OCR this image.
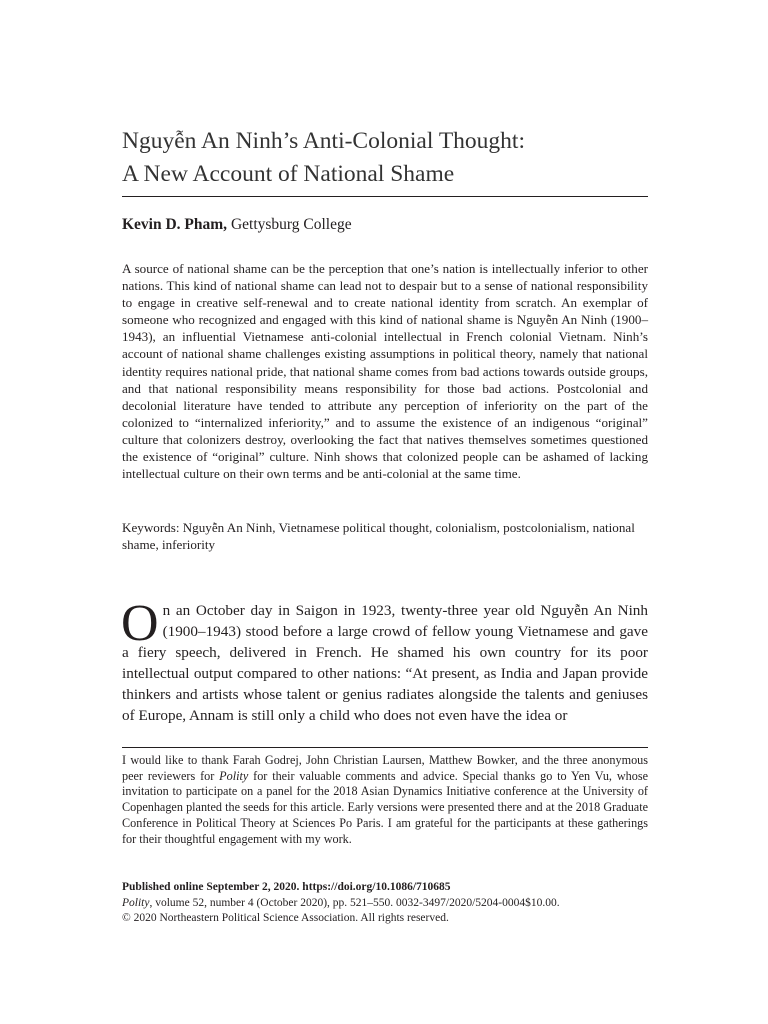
Nguyễn An Ninh’s Anti-Colonial Thought:
A New Account of National Shame
Kevin D. Pham, Gettysburg College
A source of national shame can be the perception that one’s nation is intellectually inferior to other nations. This kind of national shame can lead not to despair but to a sense of national responsibility to engage in creative self-renewal and to create national identity from scratch. An exemplar of someone who recognized and engaged with this kind of national shame is Nguyễn An Ninh (1900–1943), an influential Vietnamese anti-colonial intellectual in French colonial Vietnam. Ninh’s account of national shame challenges existing assumptions in political theory, namely that national identity requires national pride, that national shame comes from bad actions towards outside groups, and that national responsibility means responsibility for those bad actions. Postcolonial and decolonial literature have tended to attribute any perception of inferiority on the part of the colonized to “internalized inferiority,” and to assume the existence of an indigenous “original” culture that colonizers destroy, overlooking the fact that natives themselves sometimes questioned the existence of “original” culture. Ninh shows that colonized people can be ashamed of lacking intellectual culture on their own terms and be anti-colonial at the same time.
Keywords: Nguyễn An Ninh, Vietnamese political thought, colonialism, postcolonialism, national shame, inferiority
On an October day in Saigon in 1923, twenty-three year old Nguyễn An Ninh (1900–1943) stood before a large crowd of fellow young Vietnamese and gave a fiery speech, delivered in French. He shamed his own country for its poor intellectual output compared to other nations: “At present, as India and Japan provide thinkers and artists whose talent or genius radiates alongside the talents and geniuses of Europe, Annam is still only a child who does not even have the idea or
I would like to thank Farah Godrej, John Christian Laursen, Matthew Bowker, and the three anonymous peer reviewers for Polity for their valuable comments and advice. Special thanks go to Yen Vu, whose invitation to participate on a panel for the 2018 Asian Dynamics Initiative conference at the University of Copenhagen planted the seeds for this article. Early versions were presented there and at the 2018 Graduate Conference in Political Theory at Sciences Po Paris. I am grateful for the participants at these gatherings for their thoughtful engagement with my work.
Published online September 2, 2020. https://doi.org/10.1086/710685
Polity, volume 52, number 4 (October 2020), pp. 521–550. 0032-3497/2020/5204-0004$10.00.
© 2020 Northeastern Political Science Association. All rights reserved.
